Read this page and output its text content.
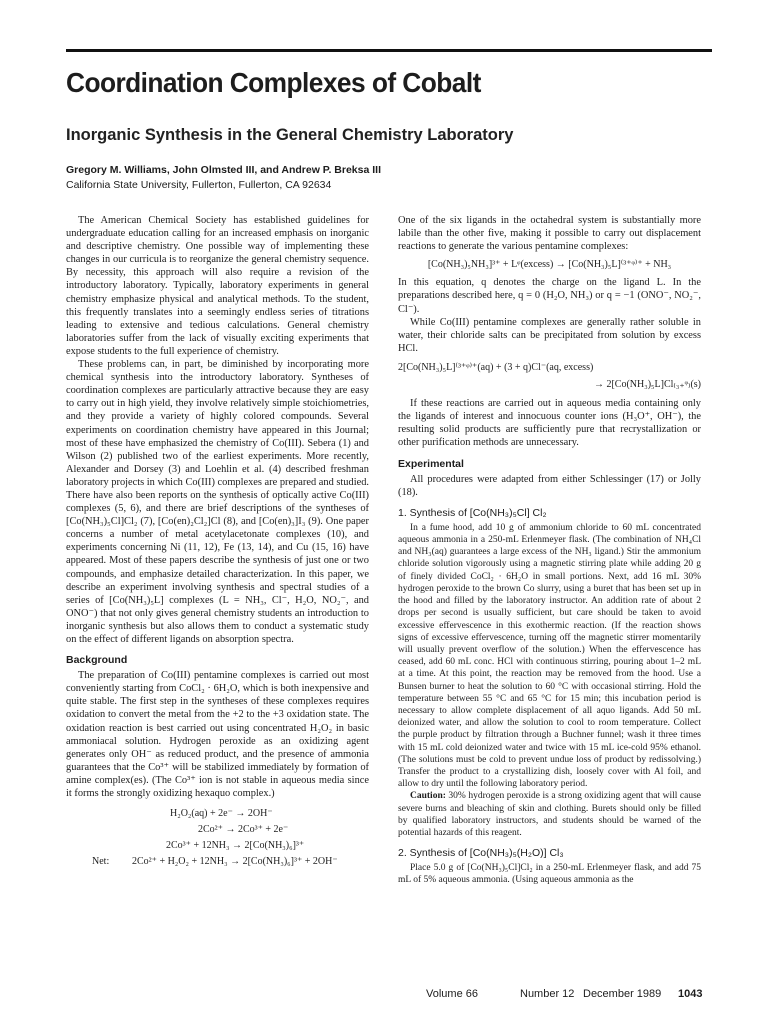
Coordination Complexes of Cobalt
Inorganic Synthesis in the General Chemistry Laboratory
Gregory M. Williams, John Olmsted III, and Andrew P. Breksa III
California State University, Fullerton, Fullerton, CA 92634

The American Chemical Society has established guidelines for undergraduate education calling for an increased emphasis on inorganic and descriptive chemistry. One possible way of implementing these changes in our curricula is to reorganize the general chemistry sequence. By necessity, this approach will also require a revision of the introductory laboratory. Typically, laboratory experiments in general chemistry emphasize physical and analytical methods. To the student, this frequently translates into a seemingly endless series of titrations leading to extensive and tedious calculations. General chemistry laboratories suffer from the lack of visually exciting experiments that expose students to the full experience of chemistry.

These problems can, in part, be diminished by incorporating more chemical synthesis into the introductory laboratory. Syntheses of coordination complexes are particularly attractive because they are easy to carry out in high yield, they involve relatively simple stoichiometries, and they provide a variety of highly colored compounds. Several experiments on coordination chemistry have appeared in this Journal; most of these have emphasized the chemistry of Co(III). Sebera (1) and Wilson (2) published two of the earliest experiments. More recently, Alexander and Dorsey (3) and Loehlin et al. (4) described freshman laboratory projects in which Co(III) complexes are prepared and studied. There have also been reports on the synthesis of optically active Co(III) complexes (5, 6), and there are brief descriptions of the syntheses of [Co(NH₃)₅Cl]Cl₂ (7), [Co(en)₂Cl₂]Cl (8), and [Co(en)₃]I₃ (9). One paper concerns a number of metal acetylacetonate complexes (10), and experiments concerning Ni (11, 12), Fe (13, 14), and Cu (15, 16) have appeared. Most of these papers describe the synthesis of just one or two compounds, and emphasize detailed characterization. In this paper, we describe an experiment involving synthesis and spectral studies of a series of [Co(NH₃)₅L] complexes (L = NH₃, Cl⁻, H₂O, NO₂⁻, and ONO⁻) that not only gives general chemistry students an introduction to inorganic synthesis but also allows them to conduct a systematic study on the effect of different ligands on absorption spectra.

Background

The preparation of Co(III) pentamine complexes is carried out most conveniently starting from CoCl₂ · 6H₂O, which is both inexpensive and quite stable. The first step in the syntheses of these complexes requires oxidation to convert the metal from the +2 to the +3 oxidation state. The oxidation reaction is best carried out using concentrated H₂O₂ in basic ammoniacal solution. Hydrogen peroxide as an oxidizing agent generates only OH⁻ as reduced product, and the presence of ammonia guarantees that the Co³⁺ will be stabilized immediately by formation of amine complex(es). (The Co³⁺ ion is not stable in aqueous media since it forms the strongly oxidizing hexaquo complex.)

H₂O₂(aq) + 2e⁻ → 2OH⁻
2Co²⁺ → 2Co³⁺ + 2e⁻
2Co³⁺ + 12NH₃ → 2[Co(NH₃)₆]³⁺
Net: 2Co²⁺ + H₂O₂ + 12NH₃ → 2[Co(NH₃)₆]³⁺ + 2OH⁻

One of the six ligands in the octahedral system is substantially more labile than the other five, making it possible to carry out displacement reactions to generate the various pentamine complexes:

[Co(NH₃)₅NH₃]³⁺ + Lᵠ(excess) → [Co(NH₃)₅L]⁽³⁺ᵠ⁾⁺ + NH₃

In this equation, q denotes the charge on the ligand L. In the preparations described here, q = 0 (H₂O, NH₃) or q = −1 (ONO⁻, NO₂⁻, Cl⁻).

While Co(III) pentamine complexes are generally rather soluble in water, their chloride salts can be precipitated from solution by excess HCl.

2[Co(NH₃)₅L]⁽³⁺ᵠ⁾⁺(aq) + (3 + q)Cl⁻(aq, excess)

→ 2[Co(NH₃)₅L]Cl₍₃₊ᵠ₎(s)

If these reactions are carried out in aqueous media containing only the ligands of interest and innocuous counter ions (H₃O⁺, OH⁻), the resulting solid products are sufficiently pure that recrystallization or other purification methods are unnecessary.

Experimental

All procedures were adapted from either Schlessinger (17) or Jolly (18).

1. Synthesis of [Co(NH₃)₅Cl] Cl₂

In a fume hood, add 10 g of ammonium chloride to 60 mL concentrated aqueous ammonia in a 250-mL Erlenmeyer flask. (The combination of NH₄Cl and NH₃(aq) guarantees a large excess of the NH₃ ligand.) Stir the ammonium chloride solution vigorously using a magnetic stirring plate while adding 20 g of finely divided CoCl₂ · 6H₂O in small portions. Next, add 16 mL 30% hydrogen peroxide to the brown Co slurry, using a buret that has been set up in the hood and filled by the laboratory instructor. An addition rate of about 2 drops per second is usually sufficient, but care should be taken to avoid excessive effervescence in this exothermic reaction. (If the reaction shows signs of excessive effervescence, turning off the magnetic stirrer momentarily will usually prevent overflow of the solution.) When the effervescence has ceased, add 60 mL conc. HCl with continuous stirring, pouring about 1–2 mL at a time. At this point, the reaction may be removed from the hood. Use a Bunsen burner to heat the solution to 60 °C with occasional stirring. Hold the temperature between 55 °C and 65 °C for 15 min; this incubation period is necessary to allow complete displacement of all aquo ligands. Add 50 mL deionized water, and allow the solution to cool to room temperature. Collect the purple product by filtration through a Buchner funnel; wash it three times with 15 mL cold deionized water and twice with 15 mL ice-cold 95% ethanol. (The solutions must be cold to prevent undue loss of product by redissolving.) Transfer the product to a crystallizing dish, loosely cover with Al foil, and allow to dry until the following laboratory period.

Caution: 30% hydrogen peroxide is a strong oxidizing agent that will cause severe burns and bleaching of skin and clothing. Burets should only be filled by qualified laboratory instructors, and students should be warned of the potential hazards of this reagent.

2. Synthesis of [Co(NH₃)₅(H₂O)] Cl₃

Place 5.0 g of [Co(NH₃)₅Cl]Cl₂ in a 250-mL Erlenmeyer flask, and add 75 mL of 5% aqueous ammonia. (Using aqueous ammonia as the

Volume 66	Number 12 December 1989 1043
